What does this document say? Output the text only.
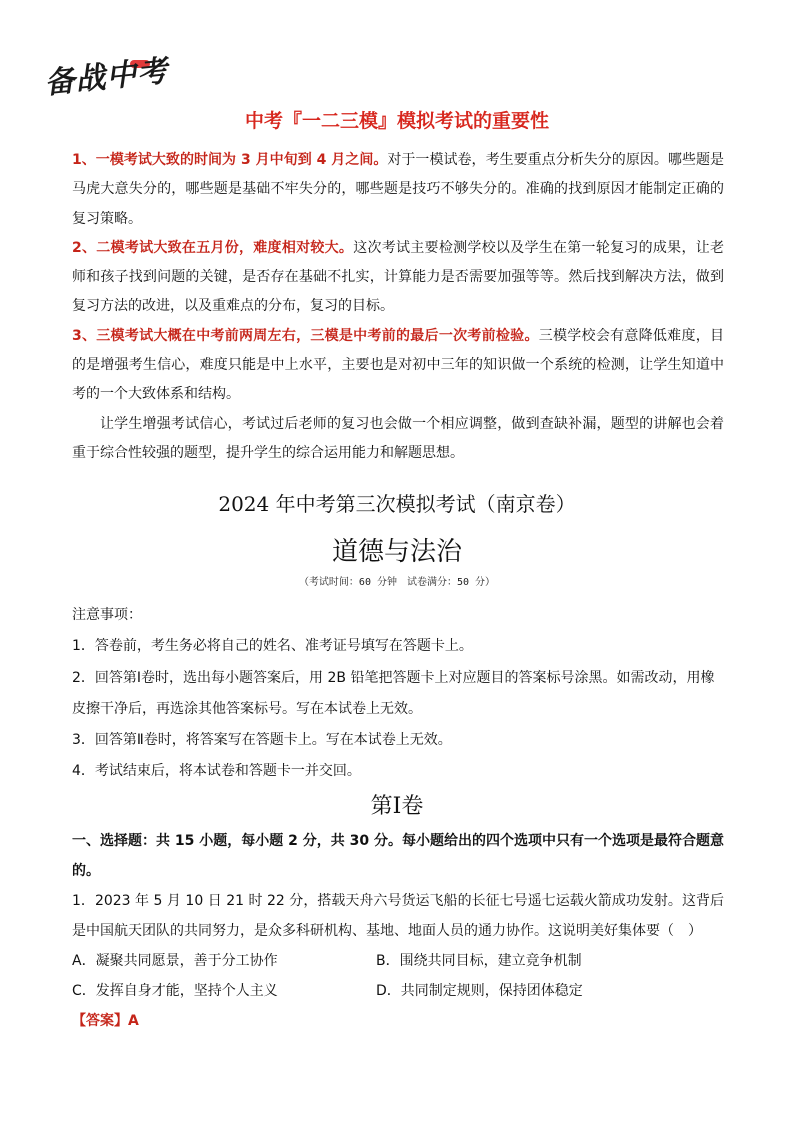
备战中考
中考『一二三模』模拟考试的重要性

1、一模考试大致的时间为 3 月中旬到 4 月之间。对于一模试卷，考生要重点分析失分的原因。哪些题是马虎大意失分的，哪些题是基础不牢失分的，哪些题是技巧不够失分的。准确的找到原因才能制定正确的复习策略。

2、二模考试大致在五月份，难度相对较大。这次考试主要检测学校以及学生在第一轮复习的成果，让老师和孩子找到问题的关键，是否存在基础不扎实，计算能力是否需要加强等等。然后找到解决方法，做到复习方法的改进，以及重难点的分布，复习的目标。

3、三模考试大概在中考前两周左右，三模是中考前的最后一次考前检验。三模学校会有意降低难度，目的是增强考生信心，难度只能是中上水平，主要也是对初中三年的知识做一个系统的检测，让学生知道中考的一个大致体系和结构。

让学生增强考试信心，考试过后老师的复习也会做一个相应调整，做到查缺补漏，题型的讲解也会着重于综合性较强的题型，提升学生的综合运用能力和解题思想。

2024 年中考第三次模拟考试（南京卷）
道德与法治
（考试时间：60 分钟　试卷满分：50 分）

注意事项：

1．答卷前，考生务必将自己的姓名、准考证号填写在答题卡上。

2．回答第Ⅰ卷时，选出每小题答案后，用 2B 铅笔把答题卡上对应题目的答案标号涂黑。如需改动，用橡皮擦干净后，再选涂其他答案标号。写在本试卷上无效。

3．回答第Ⅱ卷时，将答案写在答题卡上。写在本试卷上无效。

4．考试结束后，将本试卷和答题卡一并交回。

第Ⅰ卷

一、选择题：共 15 小题，每小题 2 分，共 30 分。每小题给出的四个选项中只有一个选项是最符合题意的。

1．2023 年 5 月 10 日 21 时 22 分，搭载天舟六号货运飞船的长征七号遥七运载火箭成功发射。这背后是中国航天团队的共同努力，是众多科研机构、基地、地面人员的通力协作。这说明美好集体要（　）

A．凝聚共同愿景，善于分工协作	B．围绕共同目标，建立竞争机制
C．发挥自身才能，坚持个人主义	D．共同制定规则，保持团体稳定

【答案】A
